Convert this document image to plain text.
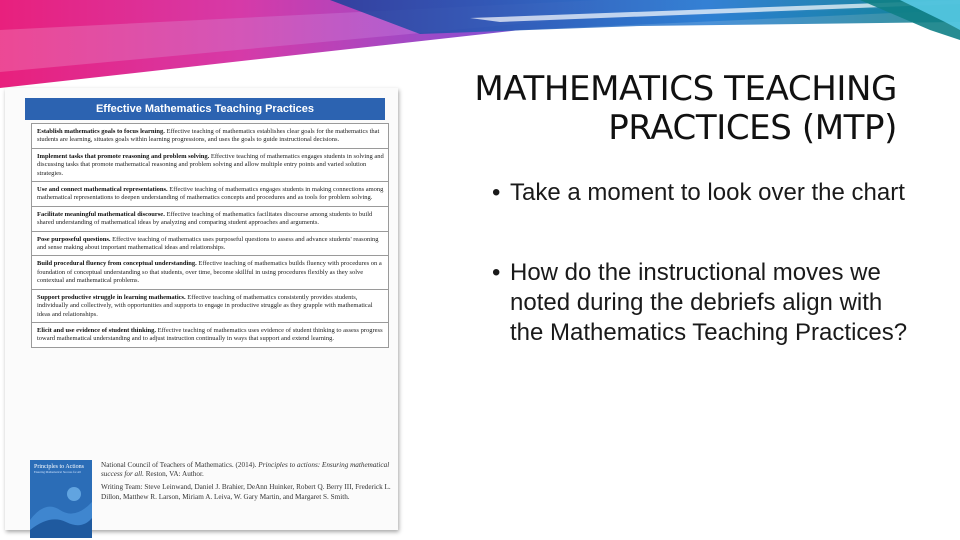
Effective Mathematics Teaching Practices
Establish mathematics goals to focus learning. Effective teaching of mathematics establishes clear goals for the mathematics that students are learning, situates goals within learning progressions, and uses the goals to guide instructional decisions.
Implement tasks that promote reasoning and problem solving. Effective teaching of mathematics engages students in solving and discussing tasks that promote mathematical reasoning and problem solving and allow multiple entry points and varied solution strategies.
Use and connect mathematical representations. Effective teaching of mathematics engages students in making connections among mathematical representations to deepen understanding of mathematics concepts and procedures and as tools for problem solving.
Facilitate meaningful mathematical discourse. Effective teaching of mathematics facilitates discourse among students to build shared understanding of mathematical ideas by analyzing and comparing student approaches and arguments.
Pose purposeful questions. Effective teaching of mathematics uses purposeful questions to assess and advance students' reasoning and sense making about important mathematical ideas and relationships.
Build procedural fluency from conceptual understanding. Effective teaching of mathematics builds fluency with procedures on a foundation of conceptual understanding so that students, over time, become skillful in using procedures flexibly as they solve contextual and mathematical problems.
Support productive struggle in learning mathematics. Effective teaching of mathematics consistently provides students, individually and collectively, with opportunities and supports to engage in productive struggle as they grapple with mathematical ideas and relationships.
Elicit and use evidence of student thinking. Effective teaching of mathematics uses evidence of student thinking to assess progress toward mathematical understanding and to adjust instruction continually in ways that support and extend learning.
Principles to Actions
Ensuring Mathematical Success for All

National Council of Teachers of Mathematics. (2014). Principles to actions: Ensuring mathematical success for all. Reston, VA: Author.

Writing Team: Steve Leinwand, Daniel J. Brahier, DeAnn Huinker, Robert Q. Berry III, Frederick L. Dillon, Matthew R. Larson, Miriam A. Leiva, W. Gary Martin, and Margaret S. Smith.

MATHEMATICS TEACHING
PRACTICES (MTP)
• Take a moment to look over the chart
• How do the instructional moves we noted during the debriefs align with the Mathematics Teaching Practices?
